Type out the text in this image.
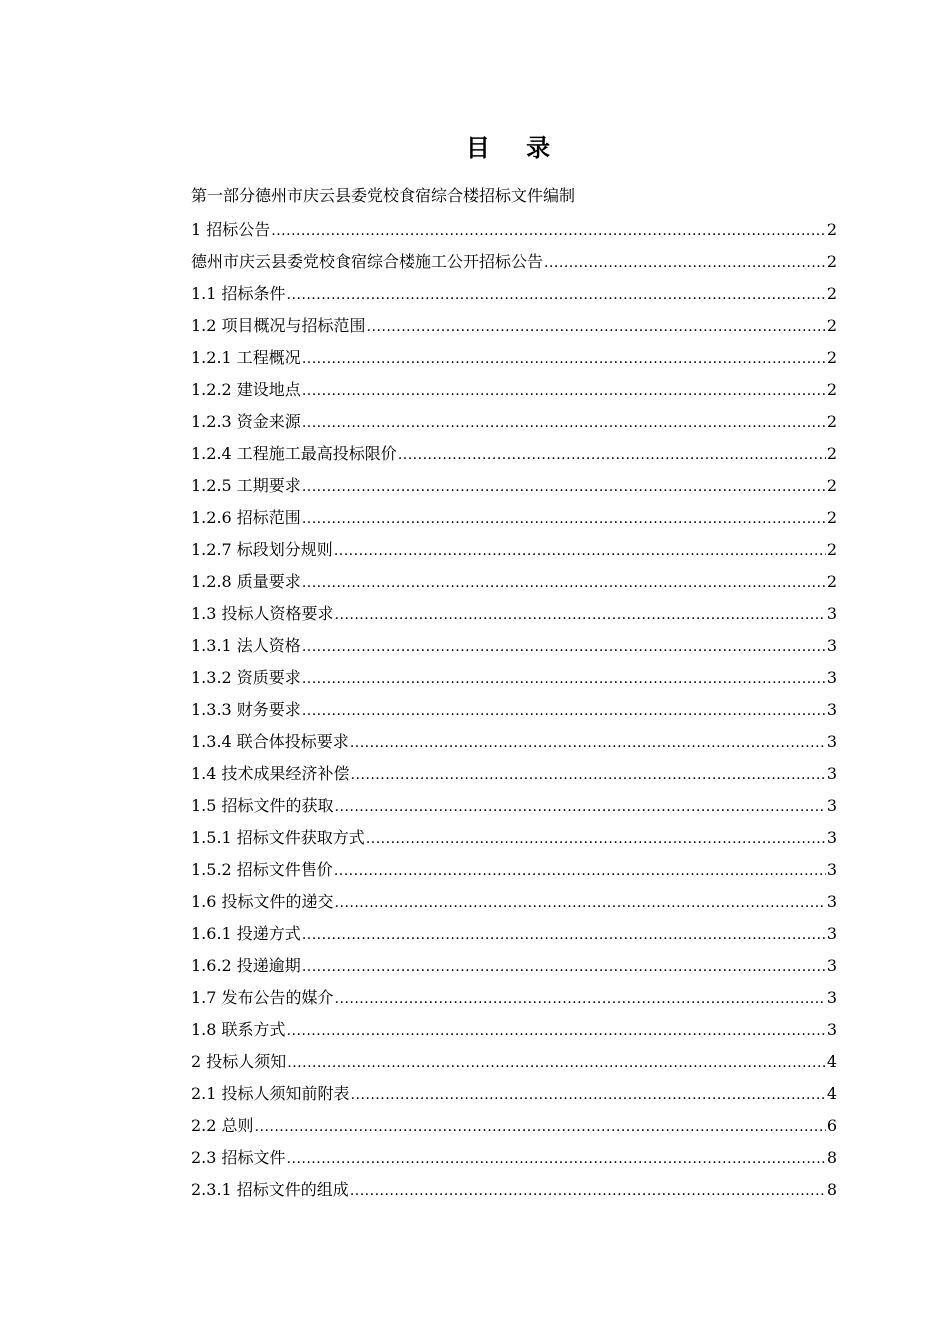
目 录
第一部分德州市庆云县委党校食宿综合楼招标文件编制
1 招标公告 .....	2
德州市庆云县委党校食宿综合楼施工公开招标公告 .....	2
1.1 招标条件 .....	2
1.2 项目概况与招标范围 .....	2
1.2.1 工程概况 .....	2
1.2.2 建设地点 .....	2
1.2.3 资金来源 .....	2
1.2.4 工程施工最高投标限价 .....	2
1.2.5 工期要求 .....	2
1.2.6 招标范围 .....	2
1.2.7 标段划分规则 .....	2
1.2.8 质量要求 .....	2
1.3 投标人资格要求 .....	3
1.3.1 法人资格 .....	3
1.3.2 资质要求 .....	3
1.3.3 财务要求 .....	3
1.3.4 联合体投标要求 .....	3
1.4 技术成果经济补偿 .....	3
1.5 招标文件的获取 .....	3
1.5.1 招标文件获取方式 .....	3
1.5.2 招标文件售价 .....	3
1.6 投标文件的递交 .....	3
1.6.1 投递方式 .....	3
1.6.2 投递逾期 .....	3
1.7 发布公告的媒介 .....	3
1.8 联系方式 .....	3
2 投标人须知 .....	4
2.1 投标人须知前附表 .....	4
2.2 总则 .....	6
2.3 招标文件 .....	8
2.3.1 招标文件的组成 .....	8
